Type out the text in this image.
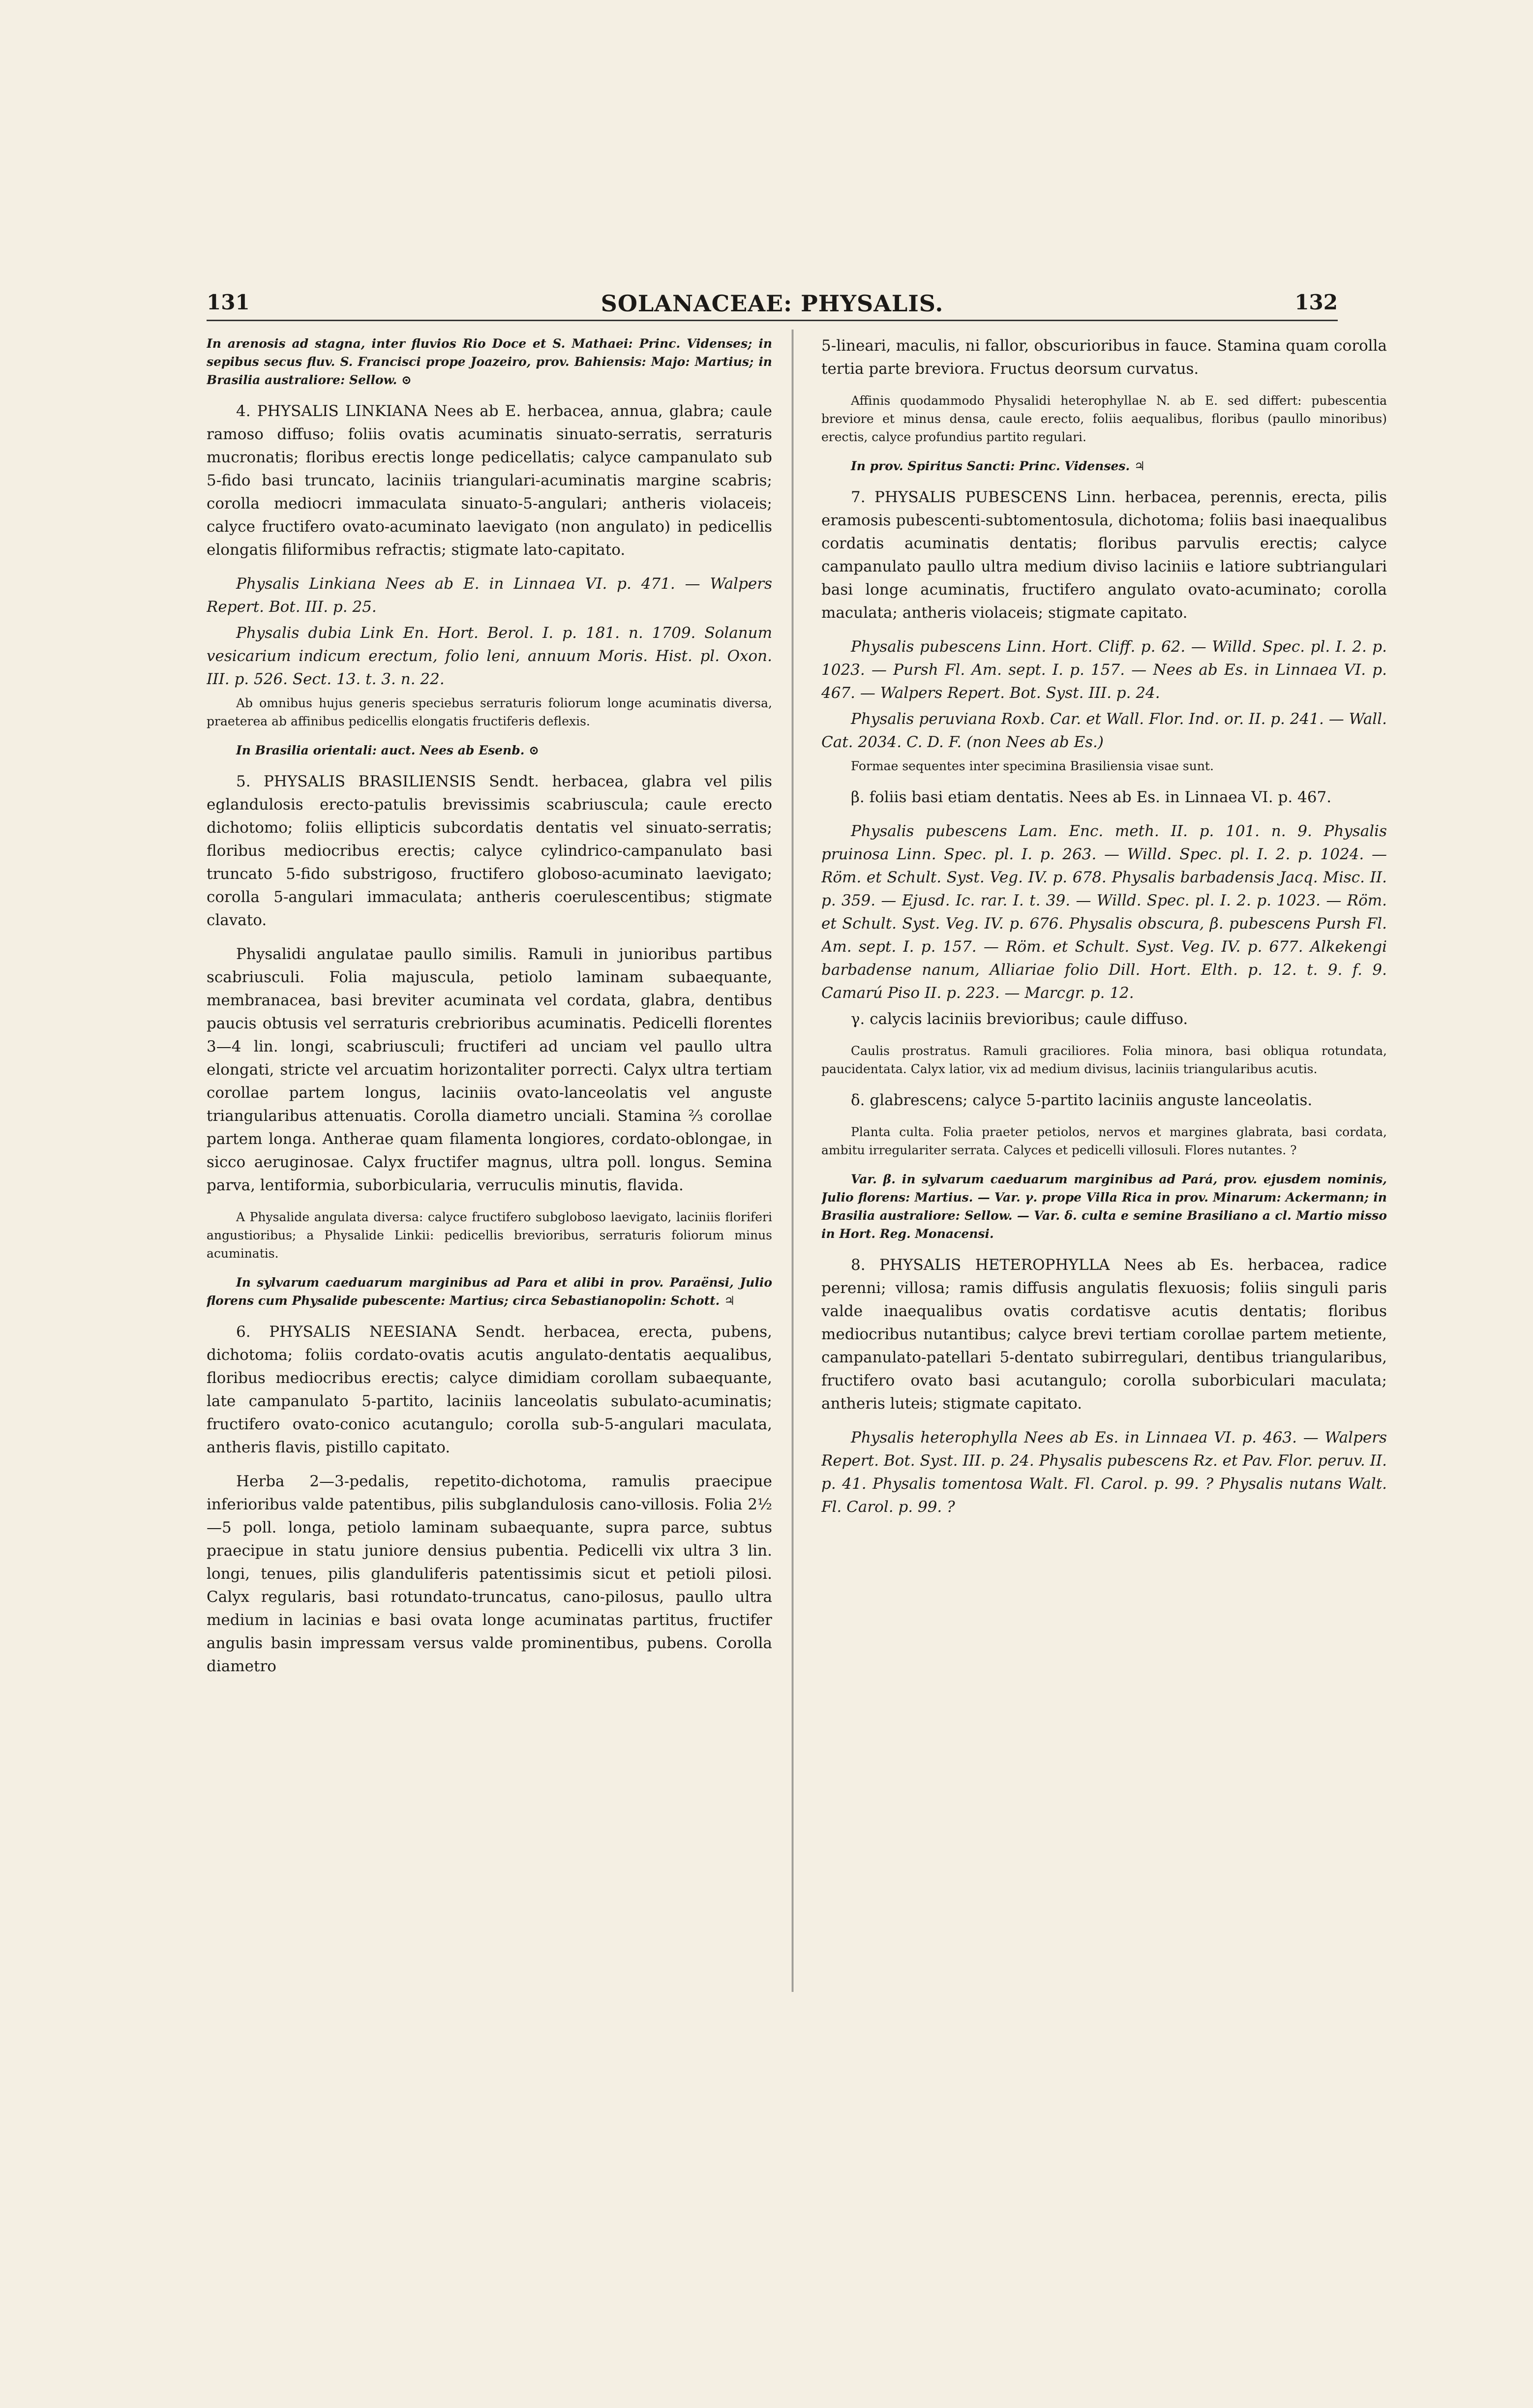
131	SOLANACEAE: PHYSALIS.	132

In arenosis ad stagna, inter fluvios Rio Doce et S. Mathaei: Princ. Videnses; in sepibus secus fluv. S. Francisci prope Joazeiro, prov. Bahiensis: Majo: Martius; in Brasilia australiore: Sellow. ⊙

4. PHYSALIS LINKIANA Nees ab E. herbacea, annua, glabra; caule ramoso diffuso; foliis ovatis acuminatis sinuato-serratis, serraturis mucronatis; floribus erectis longe pedicellatis; calyce campanulato sub 5-fido basi truncato, laciniis triangulari-acuminatis margine scabris; corolla mediocri immaculata sinuato-5-angulari; antheris violaceis; calyce fructifero ovato-acuminato laevigato (non angulato) in pedicellis elongatis filiformibus refractis; stigmate lato-capitato.

Physalis Linkiana Nees ab E. in Linnaea VI. p. 471. — Walpers Repert. Bot. III. p. 25.

Physalis dubia Link En. Hort. Berol. I. p. 181. n. 1709. Solanum vesicarium indicum erectum, folio leni, annuum Moris. Hist. pl. Oxon. III. p. 526. Sect. 13. t. 3. n. 22.

Ab omnibus hujus generis speciebus serraturis foliorum longe acuminatis diversa, praeterea ab affinibus pedicellis elongatis fructiferis deflexis.

In Brasilia orientali: auct. Nees ab Esenb. ⊙

5. PHYSALIS BRASILIENSIS Sendt. herbacea, glabra vel pilis eglandulosis erecto-patulis brevissimis scabriuscula; caule erecto dichotomo; foliis ellipticis subcordatis dentatis vel sinuato-serratis; floribus mediocribus erectis; calyce cylindrico-campanulato basi truncato 5-fido substrigoso, fructifero globoso-acuminato laevigato; corolla 5-angulari immaculata; antheris coerulescentibus; stigmate clavato.

Physalidi angulatae paullo similis. Ramuli in junioribus partibus scabriusculi. Folia majuscula, petiolo laminam subaequante, membranacea, basi breviter acuminata vel cordata, glabra, dentibus paucis obtusis vel serraturis crebrioribus acuminatis. Pedicelli florentes 3—4 lin. longi, scabriusculi; fructiferi ad unciam vel paullo ultra elongati, stricte vel arcuatim horizontaliter porrecti. Calyx ultra tertiam corollae partem longus, laciniis ovato-lanceolatis vel anguste triangularibus attenuatis. Corolla diametro unciali. Stamina ⅔ corollae partem longa. Antherae quam filamenta longiores, cordato-oblongae, in sicco aeruginosae. Calyx fructifer magnus, ultra poll. longus. Semina parva, lentiformia, suborbicularia, verruculis minutis, flavida.

A Physalide angulata diversa: calyce fructifero subgloboso laevigato, laciniis floriferi angustioribus; a Physalide Linkii: pedicellis brevioribus, serraturis foliorum minus acuminatis.

In sylvarum caeduarum marginibus ad Para et alibi in prov. Paraënsi, Julio florens cum Physalide pubescente: Martius; circa Sebastianopolin: Schott. ♃

6. PHYSALIS NEESIANA Sendt. herbacea, erecta, pubens, dichotoma; foliis cordato-ovatis acutis angulato-dentatis aequalibus, floribus mediocribus erectis; calyce dimidiam corollam subaequante, late campanulato 5-partito, laciniis lanceolatis subulato-acuminatis; fructifero ovato-conico acutangulo; corolla sub-5-angulari maculata, antheris flavis, pistillo capitato.

Herba 2—3-pedalis, repetito-dichotoma, ramulis praecipue inferioribus valde patentibus, pilis subglandulosis cano-villosis. Folia 2½—5 poll. longa, petiolo laminam subaequante, supra parce, subtus praecipue in statu juniore densius pubentia. Pedicelli vix ultra 3 lin. longi, tenues, pilis glanduliferis patentissimis sicut et petioli pilosi. Calyx regularis, basi rotundato-truncatus, cano-pilosus, paullo ultra medium in lacinias e basi ovata longe acuminatas partitus, fructifer angulis basin impressam versus valde prominentibus, pubens. Corolla diametro

5-lineari, maculis, ni fallor, obscurioribus in fauce. Stamina quam corolla tertia parte breviora. Fructus deorsum curvatus.

Affinis quodammodo Physalidi heterophyllae N. ab E. sed differt: pubescentia breviore et minus densa, caule erecto, foliis aequalibus, floribus (paullo minoribus) erectis, calyce profundius partito regulari.

In prov. Spiritus Sancti: Princ. Videnses. ♃

7. PHYSALIS PUBESCENS Linn. herbacea, perennis, erecta, pilis eramosis pubescenti-subtomentosula, dichotoma; foliis basi inaequalibus cordatis acuminatis dentatis; floribus parvulis erectis; calyce campanulato paullo ultra medium diviso laciniis e latiore subtriangulari basi longe acuminatis, fructifero angulato ovato-acuminato; corolla maculata; antheris violaceis; stigmate capitato.

Physalis pubescens Linn. Hort. Cliff. p. 62. — Willd. Spec. pl. I. 2. p. 1023. — Pursh Fl. Am. sept. I. p. 157. — Nees ab Es. in Linnaea VI. p. 467. — Walpers Repert. Bot. Syst. III. p. 24.

Physalis peruviana Roxb. Car. et Wall. Flor. Ind. or. II. p. 241. — Wall. Cat. 2034. C. D. F. (non Nees ab Es.)

Formae sequentes inter specimina Brasiliensia visae sunt.

β. foliis basi etiam dentatis. Nees ab Es. in Linnaea VI. p. 467.

Physalis pubescens Lam. Enc. meth. II. p. 101. n. 9. Physalis pruinosa Linn. Spec. pl. I. p. 263. — Willd. Spec. pl. I. 2. p. 1024. — Röm. et Schult. Syst. Veg. IV. p. 678. Physalis barbadensis Jacq. Misc. II. p. 359. — Ejusd. Ic. rar. I. t. 39. — Willd. Spec. pl. I. 2. p. 1023. — Röm. et Schult. Syst. Veg. IV. p. 676. Physalis obscura, β. pubescens Pursh Fl. Am. sept. I. p. 157. — Röm. et Schult. Syst. Veg. IV. p. 677. Alkekengi barbadense nanum, Alliariae folio Dill. Hort. Elth. p. 12. t. 9. f. 9. Camarú Piso II. p. 223. — Marcgr. p. 12.

γ. calycis laciniis brevioribus; caule diffuso.

Caulis prostratus. Ramuli graciliores. Folia minora, basi obliqua rotundata, paucidentata. Calyx latior, vix ad medium divisus, laciniis triangularibus acutis.

δ. glabrescens; calyce 5-partito laciniis anguste lanceolatis.

Planta culta. Folia praeter petiolos, nervos et margines glabrata, basi cordata, ambitu irregulariter serrata. Calyces et pedicelli villosuli. Flores nutantes. ?

Var. β. in sylvarum caeduarum marginibus ad Pará, prov. ejusdem nominis, Julio florens: Martius. — Var. γ. prope Villa Rica in prov. Minarum: Ackermann; in Brasilia australiore: Sellow. — Var. δ. culta e semine Brasiliano a cl. Martio misso in Hort. Reg. Monacensi.

8. PHYSALIS HETEROPHYLLA Nees ab Es. herbacea, radice perenni; villosa; ramis diffusis angulatis flexuosis; foliis singuli paris valde inaequalibus ovatis cordatisve acutis dentatis; floribus mediocribus nutantibus; calyce brevi tertiam corollae partem metiente, campanulato-patellari 5-dentato subirregulari, dentibus triangularibus, fructifero ovato basi acutangulo; corolla suborbiculari maculata; antheris luteis; stigmate capitato.

Physalis heterophylla Nees ab Es. in Linnaea VI. p. 463. — Walpers Repert. Bot. Syst. III. p. 24. Physalis pubescens Rz. et Pav. Flor. peruv. II. p. 41. Physalis tomentosa Walt. Fl. Carol. p. 99. ? Physalis nutans Walt. Fl. Carol. p. 99. ?
